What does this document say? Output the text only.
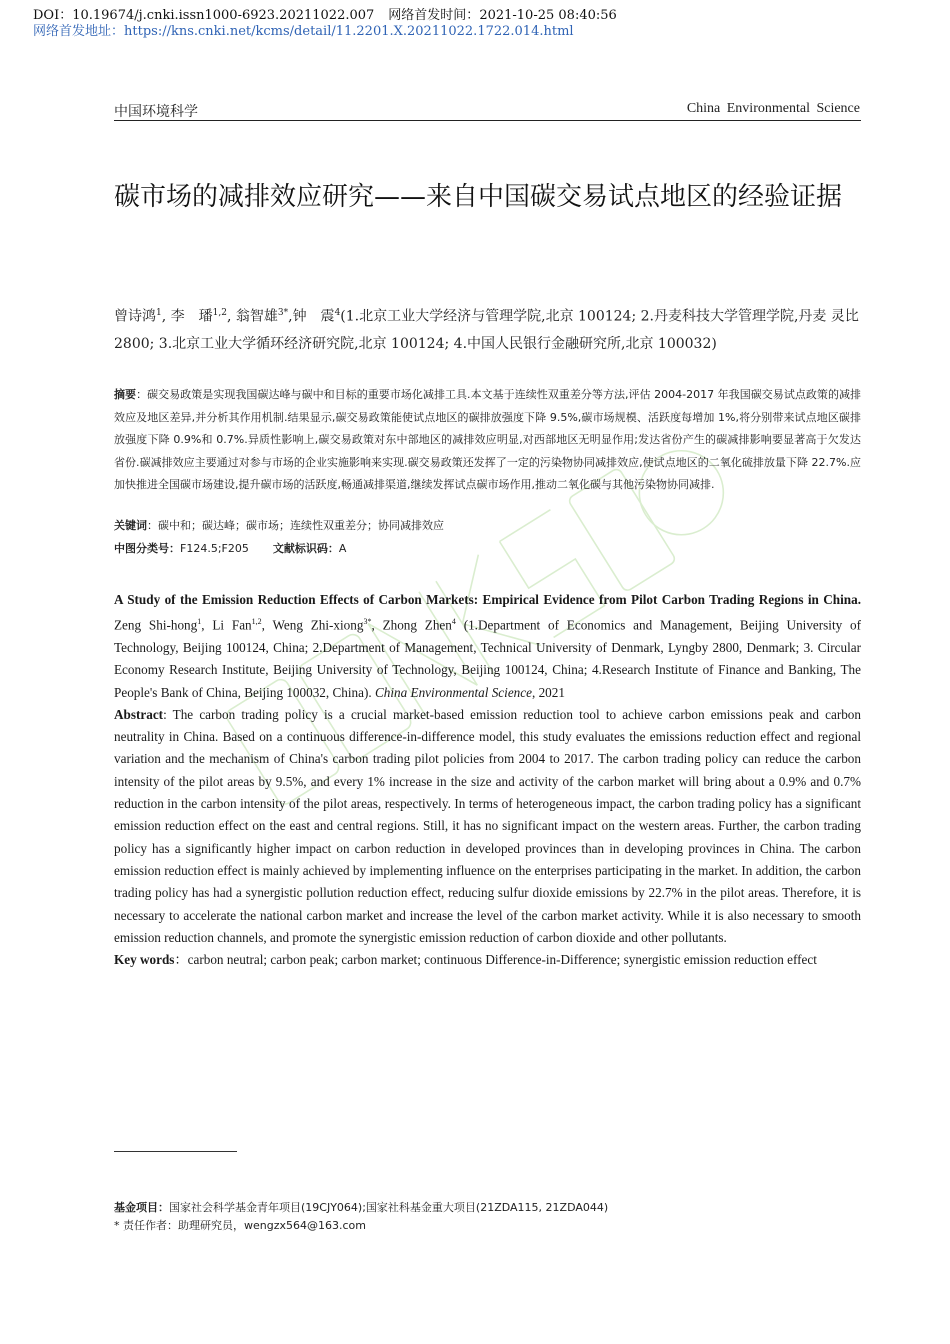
DOI：10.19674/j.cnki.issn1000-6923.20211022.007 网络首发时间：2021-10-25 08:40:56
网络首发地址：https://kns.cnki.net/kcms/detail/11.2201.X.20211022.1722.014.html
中国环境科学	China Environmental Science
碳市场的减排效应研究——来自中国碳交易试点地区的经验证据
曾诗鸿$^1$, 李　璠$^{1,2}$, 翁智雄$^{3*}$,钟　震$^4$(1.北京工业大学经济与管理学院,北京 100124; 2.丹麦科技大学管理学院,丹麦 灵比 2800; 3.北京工业大学循环经济研究院,北京 100124; 4.中国人民银行金融研究所,北京 100032)
摘要：碳交易政策是实现我国碳达峰与碳中和目标的重要市场化减排工具.本文基于连续性双重差分等方法,评估 2004-2017 年我国碳交易试点政策的减排效应及地区差异,并分析其作用机制.结果显示,碳交易政策能使试点地区的碳排放强度下降 9.5%,碳市场规模、活跃度每增加 1%,将分别带来试点地区碳排放强度下降 0.9%和 0.7%.异质性影响上,碳交易政策对东中部地区的减排效应明显,对西部地区无明显作用;发达省份产生的碳减排影响要显著高于欠发达省份.碳减排效应主要通过对参与市场的企业实施影响来实现.碳交易政策还发挥了一定的污染物协同减排效应,使试点地区的二氧化硫排放量下降 22.7%.应加快推进全国碳市场建设,提升碳市场的活跃度,畅通减排渠道,继续发挥试点碳市场作用,推动二氧化碳与其他污染物协同减排.
关键词：碳中和；碳达峰；碳市场；连续性双重差分；协同减排效应
中图分类号：F124.5;F205 文献标识码：A

A Study of the Emission Reduction Effects of Carbon Markets: Empirical Evidence from Pilot Carbon Trading Regions in China. Zeng Shi-hong$^1$, Li Fan$^{1,2}$, Weng Zhi-xiong$^{3*}$, Zhong Zhen$^4$ (1.Department of Economics and Management, Beijing University of Technology, Beijing 100124, China; 2.Department of Management, Technical University of Denmark, Lyngby 2800, Denmark; 3. Circular Economy Research Institute, Beijing University of Technology, Beijing 100124, China; 4.Research Institute of Finance and Banking, The People's Bank of China, Beijing 100032, China). China Environmental Science, 2021

Abstract: The carbon trading policy is a crucial market-based emission reduction tool to achieve carbon emissions peak and carbon neutrality in China. Based on a continuous difference-in-difference model, this study evaluates the emissions reduction effect and regional variation and the mechanism of China's carbon trading pilot policies from 2004 to 2017. The carbon trading policy can reduce the carbon intensity of the pilot areas by 9.5%, and every 1% increase in the size and activity of the carbon market will bring about a 0.9% and 0.7% reduction in the carbon intensity of the pilot areas, respectively. In terms of heterogeneous impact, the carbon trading policy has a significant emission reduction effect on the east and central regions. Still, it has no significant impact on the western areas. Further, the carbon trading policy has a significantly higher impact on carbon reduction in developed provinces than in developing provinces in China. The carbon emission reduction effect is mainly achieved by implementing influence on the enterprises participating in the market. In addition, the carbon trading policy has had a synergistic pollution reduction effect, reducing sulfur dioxide emissions by 22.7% in the pilot areas. Therefore, it is necessary to accelerate the national carbon market and increase the level of the carbon market activity. While it is also necessary to smooth emission reduction channels, and promote the synergistic emission reduction of carbon dioxide and other pollutants.

Key words：carbon neutral; carbon peak; carbon market; continuous Difference-in-Difference; synergistic emission reduction effect

基金项目：国家社会科学基金青年项目(19CJY064);国家社科基金重大项目(21ZDA115, 21ZDA044)
* 责任作者：助理研究员，wengzx564@163.com
